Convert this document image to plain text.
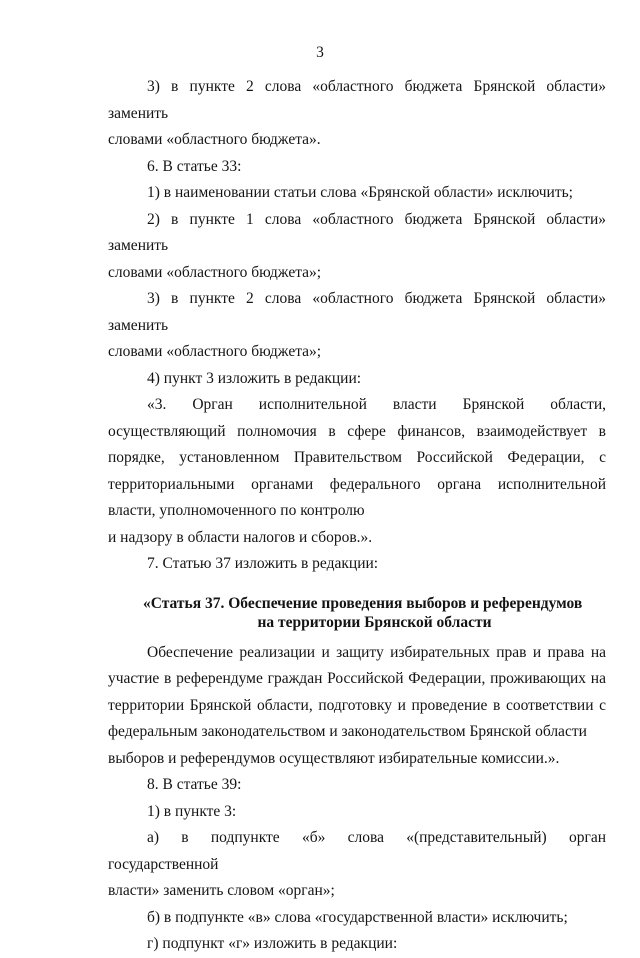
3

3) в пункте 2 слова «областного бюджета Брянской области» заменить

словами «областного бюджета».

6. В статье 33:

1) в наименовании статьи слова «Брянской области» исключить;

2) в пункте 1 слова «областного бюджета Брянской области» заменить

словами «областного бюджета»;

3) в пункте 2 слова «областного бюджета Брянской области» заменить

словами «областного бюджета»;

4) пункт 3 изложить в редакции:

«3. Орган исполнительной власти Брянской области, осуществляющий полномочия в сфере финансов, взаимодействует в порядке, установленном Правительством Российской Федерации, с территориальными органами федерального органа исполнительной власти, уполномоченного по контролю

и надзору в области налогов и сборов.».

7. Статью 37 изложить в редакции:

«Статья 37. Обеспечение проведения выборов и референдумов
на территории Брянской области

Обеспечение реализации и защиту избирательных прав и права на участие в референдуме граждан Российской Федерации, проживающих на территории Брянской области, подготовку и проведение в соответствии с федеральным законодательством и законодательством Брянской области

выборов и референдумов осуществляют избирательные комиссии.».

8. В статье 39:

1) в пункте 3:

а) в подпункте «б» слова «(представительный) орган государственной

власти» заменить словом «орган»;

б) в подпункте «в» слова «государственной власти» исключить;

г) подпункт «г» изложить в редакции:
